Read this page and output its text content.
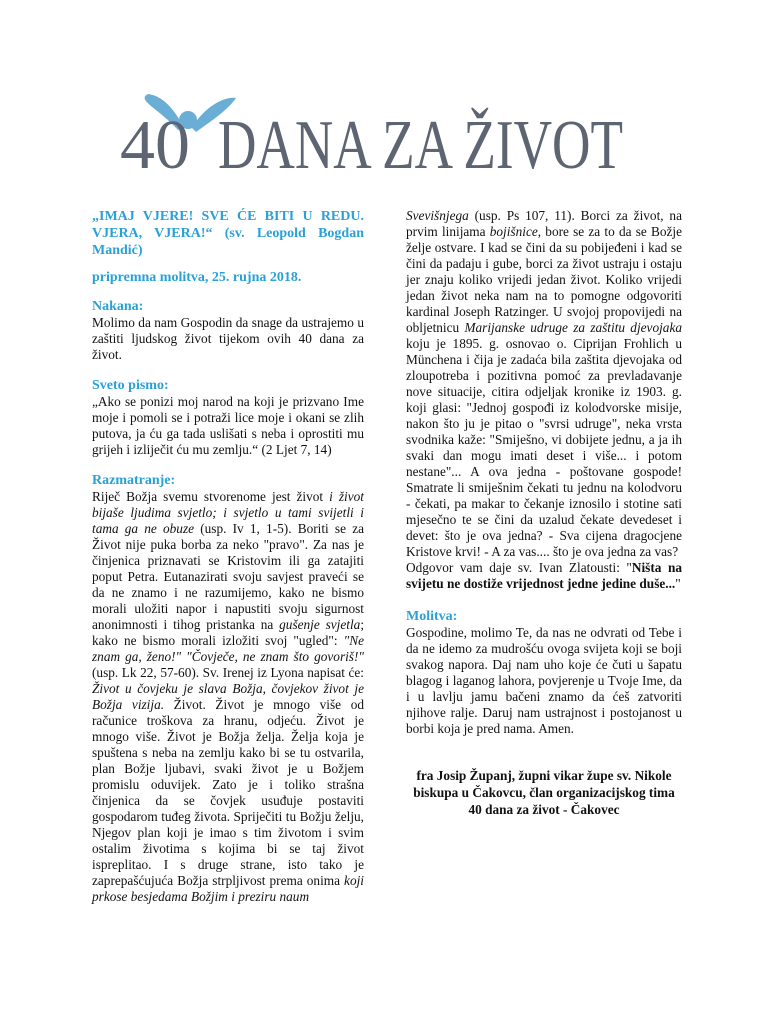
40 DANA ZA ŽIVOT

„IMAJ VJERE! SVE ĆE BITI U REDU. VJERA, VJERA!“ (sv. Leopold Bogdan Mandić)

pripremna molitva, 25. rujna 2018.

Nakana:

Molimo da nam Gospodin da snage da ustrajemo u zaštiti ljudskog život tijekom ovih 40 dana za život.

Sveto pismo:

„Ako se ponizi moj narod na koji je prizvano Ime moje i pomoli se i potraži lice moje i okani se zlih putova, ja ću ga tada uslišati s neba i oprostiti mu grijeh i izliječit ću mu zemlju.“ (2 Ljet 7, 14)

Razmatranje:

Riječ Božja svemu stvorenome jest život i život bijaše ljudima svjetlo; i svjetlo u tami svijetli i tama ga ne obuze (usp. Iv 1, 1-5). Boriti se za Život nije puka borba za neko "pravo". Za nas je činjenica priznavati se Kristovim ili ga zatajiti poput Petra. Eutanazirati svoju savjest praveći se da ne znamo i ne razumijemo, kako ne bismo morali uložiti napor i napustiti svoju sigurnost anonimnosti i tihog pristanka na gušenje svjetla; kako ne bismo morali izložiti svoj "ugled": "Ne znam ga, ženo!" "Čovječe, ne znam što govoriš!" (usp. Lk 22, 57-60). Sv. Irenej iz Lyona napisat će: Život u čovjeku je slava Božja, čovjekov život je Božja vizija. Život. Život je mnogo više od računice troškova za hranu, odjeću. Život je mnogo više. Život je Božja želja. Želja koja je spuštena s neba na zemlju kako bi se tu ostvarila, plan Božje ljubavi, svaki život je u Božjem promislu oduvijek. Zato je i toliko strašna činjenica da se čovjek usuđuje postaviti gospodarom tuđeg života. Spriječiti tu Božju želju, Njegov plan koji je imao s tim životom i svim ostalim životima s kojima bi se taj život ispreplitao. I s druge strane, isto tako je zaprepašćujuća Božja strpljivost prema onima koji prkose besjedama Božjim i preziru naum

Svevišnjega (usp. Ps 107, 11). Borci za život, na prvim linijama bojišnice, bore se za to da se Božje želje ostvare. I kad se čini da su pobijeđeni i kad se čini da padaju i gube, borci za život ustraju i ostaju jer znaju koliko vrijedi jedan život. Koliko vrijedi jedan život neka nam na to pomogne odgovoriti kardinal Joseph Ratzinger. U svojoj propovijedi na obljetnicu Marijanske udruge za zaštitu djevojaka koju je 1895. g. osnovao o. Ciprijan Frohlich u Münchena i čija je zadaća bila zaštita djevojaka od zloupotreba i pozitivna pomoć za prevladavanje nove situacije, citira odjeljak kronike iz 1903. g. koji glasi: "Jednoj gospođi iz kolodvorske misije, nakon što ju je pitao o "svrsi udruge", neka vrsta svodnika kaže: "Smiješno, vi dobijete jednu, a ja ih svaki dan mogu imati deset i više... i potom nestane"... A ova jedna - poštovane gospode! Smatrate li smiješnim čekati tu jednu na kolodvoru - čekati, pa makar to čekanje iznosilo i stotine sati mjesečno te se čini da uzalud čekate devedeset i devet: što je ova jedna? - Sva cijena dragocjene Kristove krvi! - A za vas.... što je ova jedna za vas?

Odgovor vam daje sv. Ivan Zlatousti: "Ništa na svijetu ne dostiže vrijednost jedne jedine duše..."

Molitva:

Gospodine, molimo Te, da nas ne odvrati od Tebe i da ne idemo za mudrošću ovoga svijeta koji se boji svakog napora. Daj nam uho koje će čuti u šapatu blagog i laganog lahora, povjerenje u Tvoje Ime, da i u lavlju jamu bačeni znamo da ćeš zatvoriti njihove ralje. Daruj nam ustrajnost i postojanost u borbi koja je pred nama. Amen.

fra Josip Županj, župni vikar župe sv. Nikole biskupa u Čakovcu, član organizacijskog tima 40 dana za život - Čakovec
